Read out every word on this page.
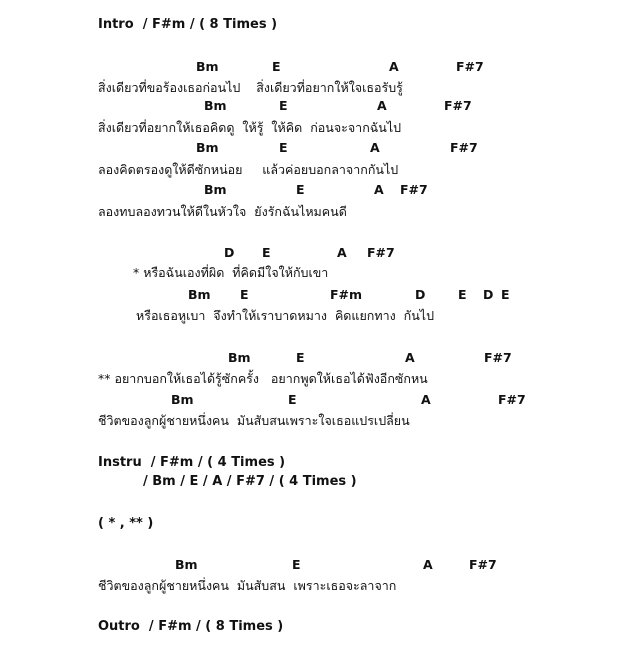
Intro  / F#m / ( 8 Times )

Bm

	E

	A

	F#7

สิ่งเดียวที่ขอร้องเธอก่อนไป    สิ่งเดียวที่อยากให้ใจเธอรับรู้

Bm

	E

	A

	F#7

สิ่งเดียวที่อยากให้เธอคิดดู  ให้รู้  ให้คิด  ก่อนจะจากฉันไป

Bm

	E

	A

	F#7

ลองคิดตรองดูให้ดีซักหน่อย     แล้วค่อยบอกลาจากกันไป

Bm

	E

	A

F#7

ลองทบลองทวนให้ดีในหัวใจ  ยังรักฉันไหมคนดี

D

E

	A

F#7

* หรือฉันเองที่ผิด  ที่คิดมีใจให้กับเขา

Bm

E

	F#m

	D

	E

D

E

หรือเธอหูเบา  จึงทำให้เราบาดหมาง  คิดแยกทาง  กันไป

Bm

	E

	A

	F#7

** อยากบอกให้เธอได้รู้ซักครั้ง   อยากพูดให้เธอได้ฟังอีกซักหน

Bm

	E

	A

	F#7

ชีวิตของลูกผู้ชายหนึ่งคน  มันสับสนเพราะใจเธอแปรเปลี่ยน
Instru  / F#m / ( 4 Times )
/ Bm / E / A / F#7 / ( 4 Times )
( * , ** )

Bm

	E

	A

	F#7

ชีวิตของลูกผู้ชายหนึ่งคน  มันสับสน  เพราะเธอจะลาจาก
Outro  / F#m / ( 8 Times )
